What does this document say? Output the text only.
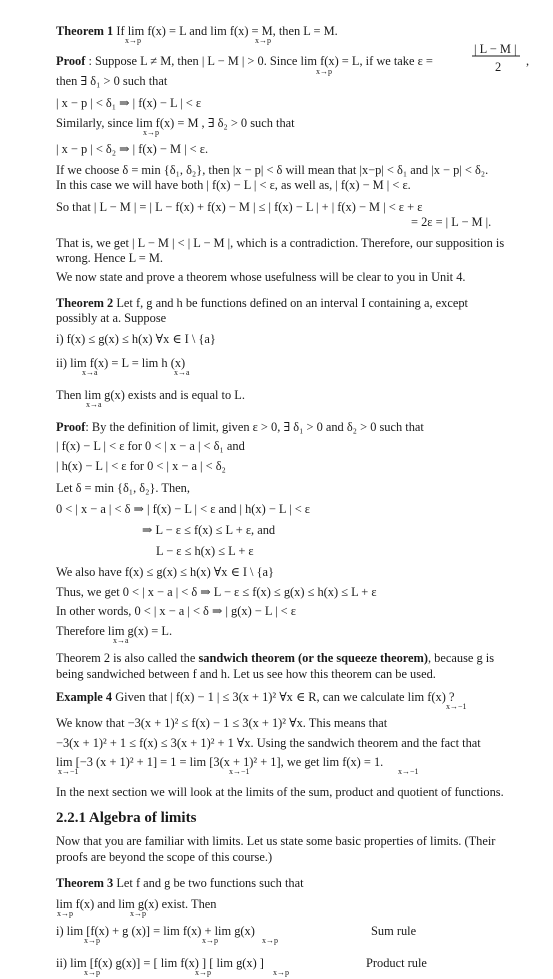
Theorem 1 If lim f(x) = L and lim f(x) = M, then L = M.
x→p	x→p
Proof : Suppose L ≠ M, then | L − M | > 0. Since lim f(x) = L, if we take ε =
x→p
| L − M |
2 ,
then ∃ δ₁ > 0 such that
| x − p | < δ₁ ⇒ | f(x) − L | < ε
Similarly, since lim f(x) = M , ∃ δ₂ > 0 such that
x→p
| x − p | < δ₂ ⇒ | f(x) − M | < ε.
If we choose δ = min {δ₁, δ₂}, then |x − p| < δ will mean that |x−p| < δ₁ and |x − p| < δ₂.
In this case we will have both | f(x) − L | < ε, as well as, | f(x) − M | < ε.
So that | L − M | = | L − f(x) + f(x) − M | ≤ | f(x) − L | + | f(x) − M | < ε + ε
= 2ε = | L − M |.
That is, we get | L − M | < | L − M |, which is a contradiction. Therefore, our supposition is
wrong. Hence L = M.
We now state and prove a theorem whose usefulness will be clear to you in Unit 4.
Theorem 2 Let f, g and h be functions defined on an interval I containing a, except
possibly at a. Suppose
i) f(x) ≤ g(x) ≤ h(x) ∀x ∈ I \ {a}
ii) lim f(x) = L = lim h (x)
x→a	x→a
Then lim g(x) exists and is equal to L.
x→a
Proof: By the definition of limit, given ε > 0, ∃ δ₁ > 0 and δ₂ > 0 such that
| f(x) − L | < ε for 0 < | x − a | < δ₁ and
| h(x) − L | < ε for 0 < | x − a | < δ₂
Let δ = min {δ₁, δ₂}. Then,
0 < | x − a | < δ ⇒ | f(x) − L | < ε and | h(x) − L | < ε
⇒ L − ε ≤ f(x) ≤ L + ε, and
L − ε ≤ h(x) ≤ L + ε
We also have f(x) ≤ g(x) ≤ h(x) ∀x ∈ I \ {a}
Thus, we get 0 < | x − a | < δ ⇒ L − ε ≤ f(x) ≤ g(x) ≤ h(x) ≤ L + ε
In other words, 0 < | x − a | < δ ⇒ | g(x) − L | < ε
Therefore lim g(x) = L.
x→a
Theorem 2 is also called the sandwich theorem (or the squeeze theorem), because g is
being sandwiched between f and h. Let us see how this theorem can be used.
Example 4 Given that | f(x) − 1 | ≤ 3(x + 1)² ∀x ∈ R, can we calculate lim f(x) ?
x→−1
We know that −3(x + 1)² ≤ f(x) − 1 ≤ 3(x + 1)² ∀x. This means that
−3(x + 1)² + 1 ≤ f(x) ≤ 3(x + 1)² + 1 ∀x. Using the sandwich theorem and the fact that
lim [−3 (x + 1)² + 1] = 1 = lim [3(x + 1)² + 1], we get lim f(x) = 1.
x→−1	x→−1	x→−1
In the next section we will look at the limits of the sum, product and quotient of functions.
2.2.1 Algebra of limits
Now that you are familiar with limits. Let us state some basic properties of limits. (Their
proofs are beyond the scope of this course.)
Theorem 3 Let f and g be two functions such that
lim f(x) and lim g(x) exist. Then
x→p	x→p
i) lim [f(x) + g (x)] = lim f(x) + lim g(x)
x→p	x→p	x→p
Sum rule
ii) lim [f(x) g(x)] = [ lim f(x) ] [ lim g(x) ]
x→p	x→p	x→p
Product rule
